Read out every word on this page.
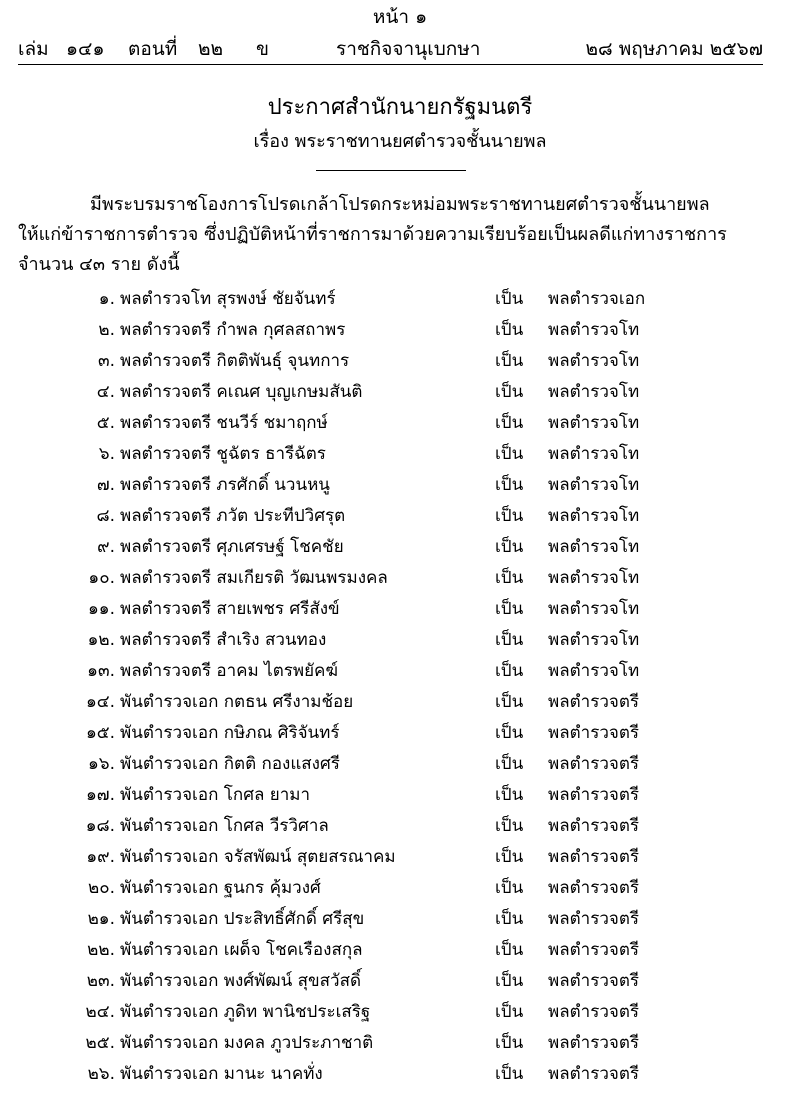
หน้า ๑
เล่ม ๑๔๑ ตอนที่ ๒๒ ข	ราชกิจจานุเบกษา	๒๘ พฤษภาคม ๒๕๖๗
ประกาศสำนักนายกรัฐมนตรี
เรื่อง พระราชทานยศตำรวจชั้นนายพล

มีพระบรมราชโองการโปรดเกล้าโปรดกระหม่อมพระราชทานยศตำรวจชั้นนายพล

ให้แก่ข้าราชการตำรวจ ซึ่งปฏิบัติหน้าที่ราชการมาด้วยความเรียบร้อยเป็นผลดีแก่ทางราชการ

จำนวน ๔๓ ราย ดังนี้

๑. พลตำรวจโท สุรพงษ์ ชัยจันทร์	เป็น พลตำรวจเอก
๒. พลตำรวจตรี กำพล กุศลสถาพร	เป็น พลตำรวจโท
๓. พลตำรวจตรี กิตติพันธุ์ จุนทการ	เป็น พลตำรวจโท
๔. พลตำรวจตรี คเณศ บุญเกษมสันติ	เป็น พลตำรวจโท
๕. พลตำรวจตรี ชนวีร์ ชมาฤกษ์	เป็น พลตำรวจโท
๖. พลตำรวจตรี ชูฉัตร ธารีฉัตร	เป็น พลตำรวจโท
๗. พลตำรวจตรี ภรศักดิ์ นวนหนู	เป็น พลตำรวจโท
๘. พลตำรวจตรี ภวัต ประทีปวิศรุต	เป็น พลตำรวจโท
๙. พลตำรวจตรี ศุภเศรษฐ์ โชคชัย	เป็น พลตำรวจโท
๑๐. พลตำรวจตรี สมเกียรติ วัฒนพรมงคล	เป็น พลตำรวจโท
๑๑. พลตำรวจตรี สายเพชร ศรีสังข์	เป็น พลตำรวจโท
๑๒. พลตำรวจตรี สำเริง สวนทอง	เป็น พลตำรวจโท
๑๓. พลตำรวจตรี อาคม ไตรพยัคฆ์	เป็น พลตำรวจโท
๑๔. พันตำรวจเอก กตธน ศรีงามช้อย	เป็น พลตำรวจตรี
๑๕. พันตำรวจเอก กษิภณ ศิริจันทร์	เป็น พลตำรวจตรี
๑๖. พันตำรวจเอก กิตติ กองแสงศรี	เป็น พลตำรวจตรี
๑๗. พันตำรวจเอก โกศล ยามา	เป็น พลตำรวจตรี
๑๘. พันตำรวจเอก โกศล วีรวิศาล	เป็น พลตำรวจตรี
๑๙. พันตำรวจเอก จรัสพัฒน์ สุตยสรณาคม	เป็น พลตำรวจตรี
๒๐. พันตำรวจเอก ฐนกร คุ้มวงศ์	เป็น พลตำรวจตรี
๒๑. พันตำรวจเอก ประสิทธิ์ศักดิ์ ศรีสุข	เป็น พลตำรวจตรี
๒๒. พันตำรวจเอก เผด็จ โชคเรืองสกุล	เป็น พลตำรวจตรี
๒๓. พันตำรวจเอก พงศ์พัฒน์ สุขสวัสดิ์	เป็น พลตำรวจตรี
๒๔. พันตำรวจเอก ภูดิท พานิชประเสริฐ	เป็น พลตำรวจตรี
๒๕. พันตำรวจเอก มงคล ภูวประภาชาติ	เป็น พลตำรวจตรี
๒๖. พันตำรวจเอก มานะ นาคทั่ง	เป็น พลตำรวจตรี
